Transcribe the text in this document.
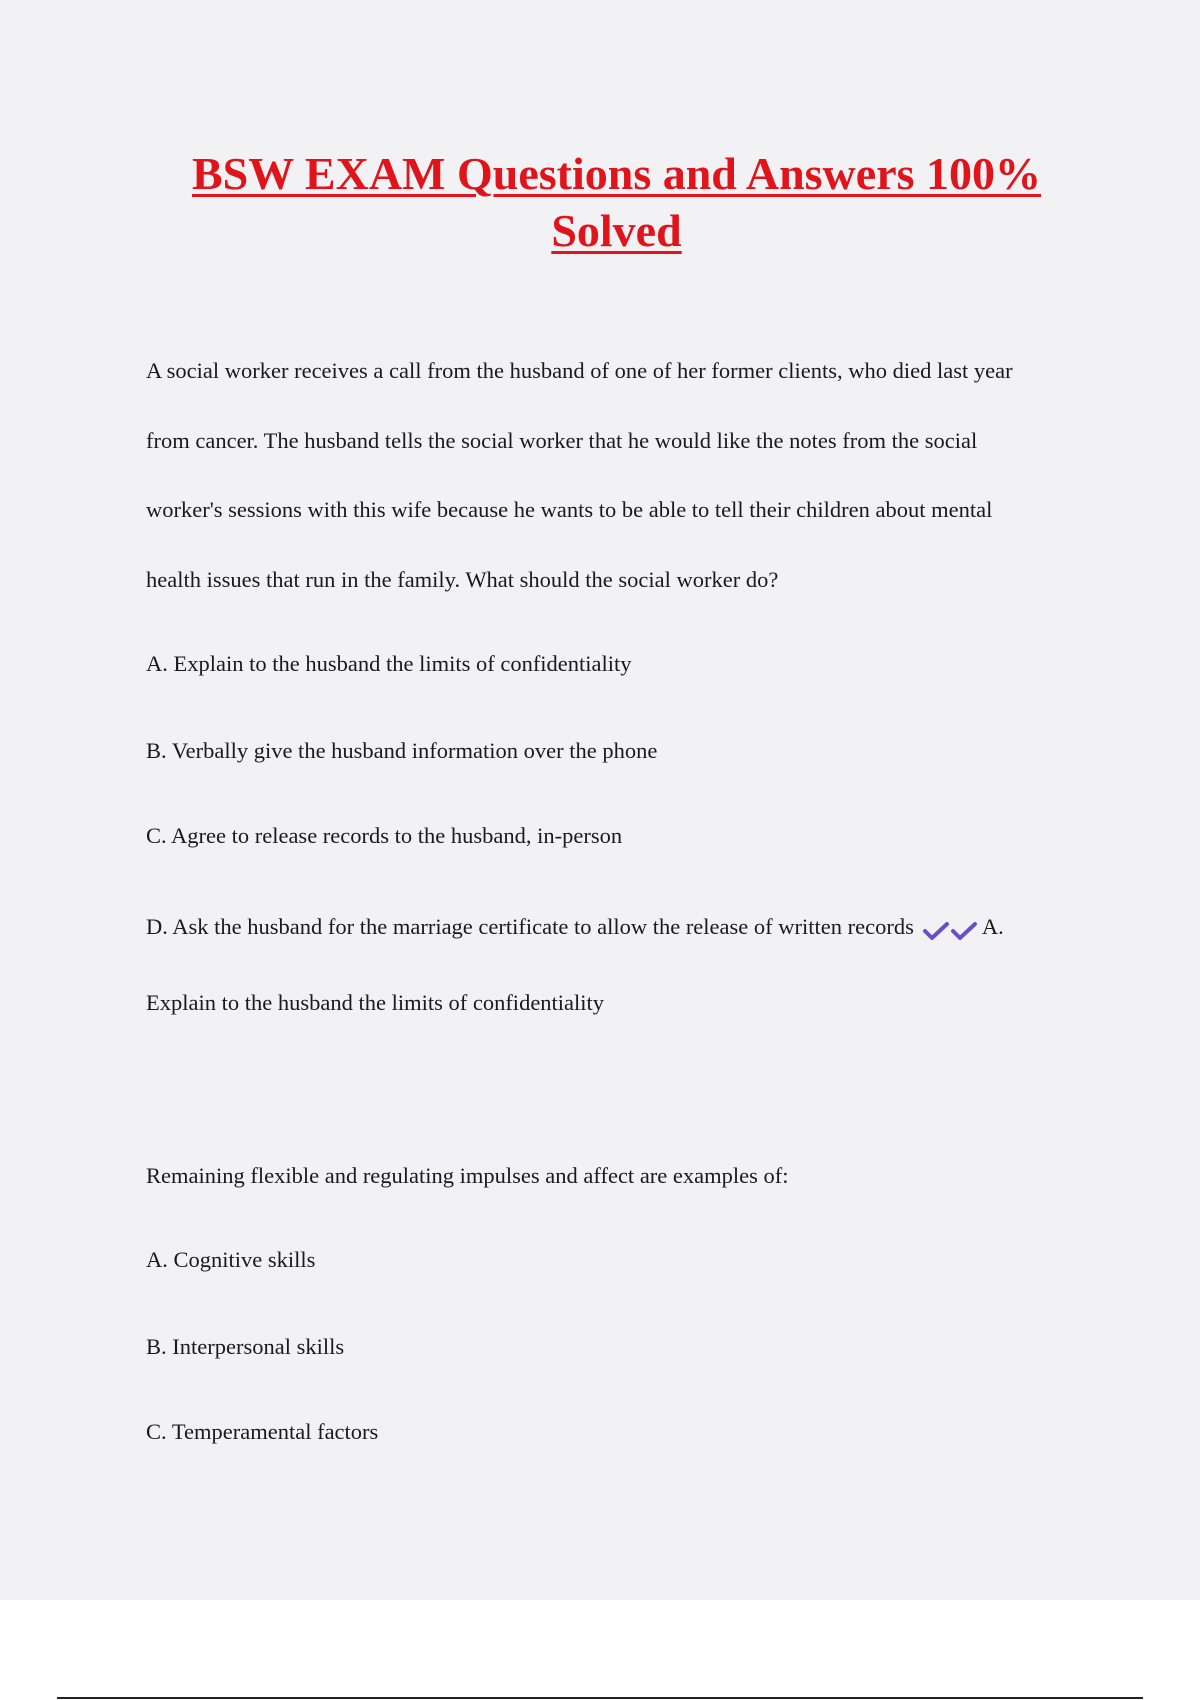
BSW EXAM Questions and Answers 100%
Solved

A social worker receives a call from the husband of one of her former clients, who died last year

from cancer. The husband tells the social worker that he would like the notes from the social

worker's sessions with this wife because he wants to be able to tell their children about mental

health issues that run in the family. What should the social worker do?

A. Explain to the husband the limits of confidentiality

B. Verbally give the husband information over the phone

C. Agree to release records to the husband, in-person

D. Ask the husband for the marriage certificate to allow the release of written records	A.

Explain to the husband the limits of confidentiality

Remaining flexible and regulating impulses and affect are examples of:

A. Cognitive skills

B. Interpersonal skills

C. Temperamental factors
